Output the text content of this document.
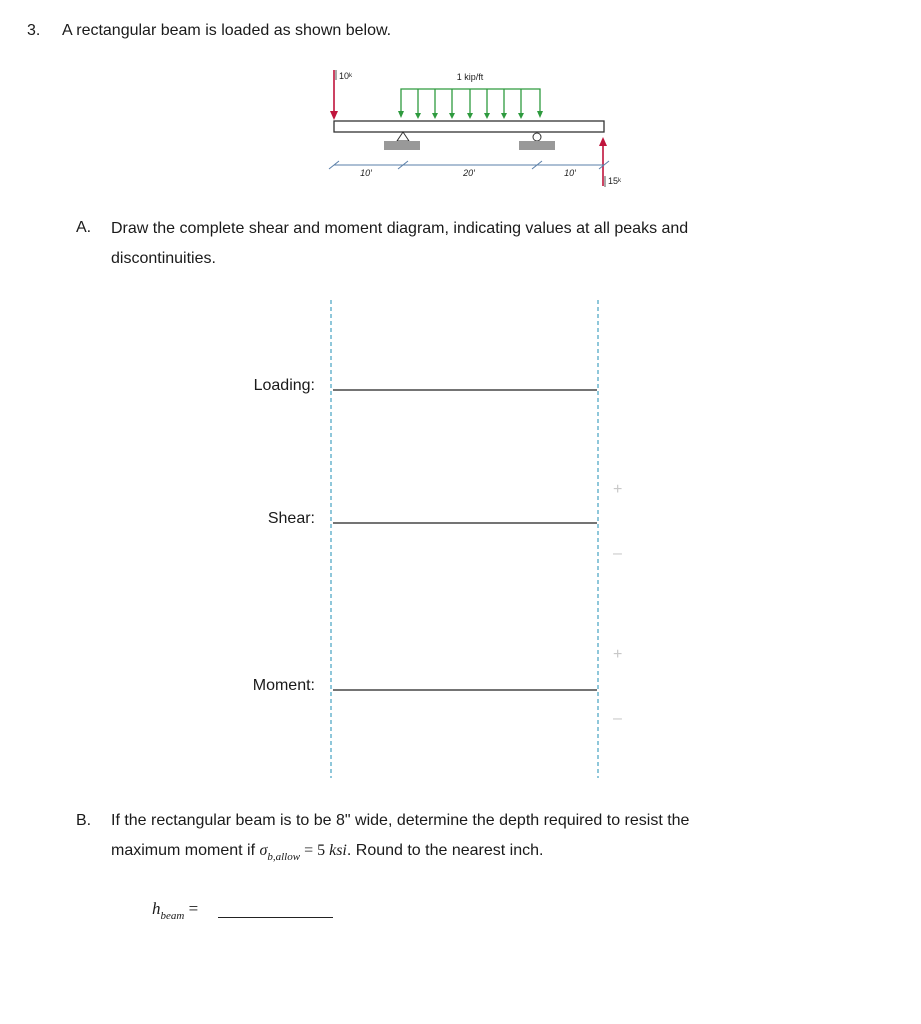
3. A rectangular beam is loaded as shown below.
10ᵏ	1 kip/ft
15ᵏ
10′	20′	10′
A. Draw the complete shear and moment diagram, indicating values at all peaks and
discontinuities.
Loading:
Shear:
Moment:
+
–
+
–
B. If the rectangular beam is to be 8" wide, determine the depth required to resist the
maximum moment if $\sigma_{b,allow} = 5$ ksi. Round to the nearest inch.
$h_{beam}$ =
